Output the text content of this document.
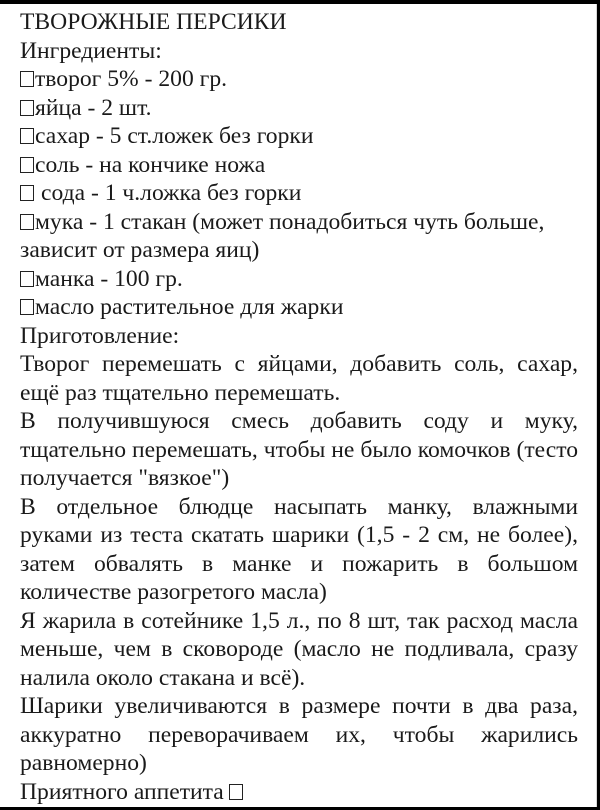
ТВОРОЖНЫЕ ПЕРСИКИ

Ингредиенты:

творог 5% - 200 гр.

яйца - 2 шт.

сахар - 5 ст.ложек без горки

соль - на кончике ножа

сода - 1 ч.ложка без горки

мука - 1 стакан (может понадобиться чуть больше, зависит от размера яиц)

манка - 100 гр.

масло растительное для жарки

Приготовление:

Творог перемешать с яйцами, добавить соль, сахар, ещё раз тщательно перемешать.

В получившуюся смесь добавить соду и муку, тщательно перемешать, чтобы не было комочков (тесто получается "вязкое")

В отдельное блюдце насыпать манку, влажными руками из теста скатать шарики (1,5 - 2 см, не более), затем обвалять в манке и пожарить в большом количестве разогретого масла)

Я жарила в сотейнике 1,5 л., по 8 шт, так расход масла меньше, чем в сковороде (масло не подливала, сразу налила около стакана и всё).

Шарики увеличиваются в размере почти в два раза, аккуратно переворачиваем их, чтобы жарились равномерно)

Приятного аппетита
